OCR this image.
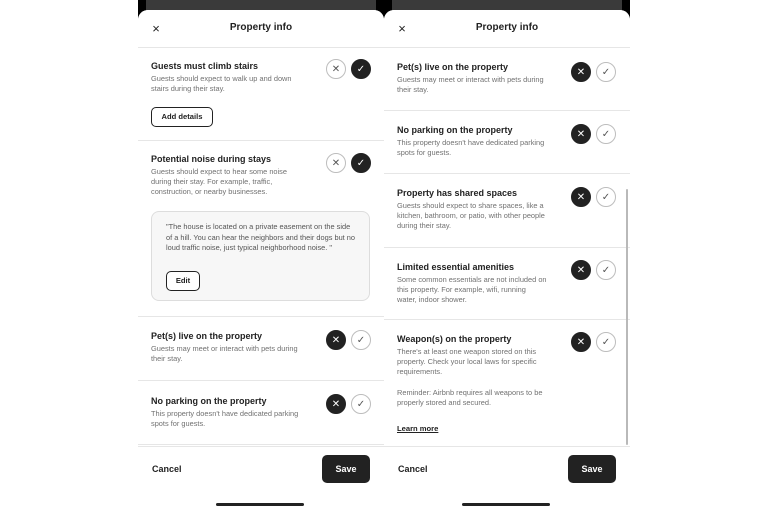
×	Property info
Guests must climb stairs
Guests should expect to walk up and down stairs during their stay.
✕	✓
Add details
Potential noise during stays
Guests should expect to hear some noise during their stay. For example, traffic, construction, or nearby businesses.
✕	✓
"The house is located on a private easement on the side of a hill. You can hear the neighbors and their dogs but no loud traffic noise, just typical neighborhood noise. "
Edit
Pet(s) live on the property
Guests may meet or interact with pets during their stay.
✕	✓
No parking on the property
This property doesn't have dedicated parking spots for guests.
✕	✓
Cancel	Save
×	Property info
Pet(s) live on the property
Guests may meet or interact with pets during their stay.
✕	✓
No parking on the property
This property doesn't have dedicated parking spots for guests.
✕	✓
Property has shared spaces
Guests should expect to share spaces, like a kitchen, bathroom, or patio, with other people during their stay.
✕	✓
Limited essential amenities
Some common essentials are not included on this property. For example, wifi, running water, indoor shower.
✕	✓
Weapon(s) on the property
There's at least one weapon stored on this property. Check your local laws for specific requirements.
✕	✓
Reminder: Airbnb requires all weapons to be properly stored and secured.
Learn more
Cancel	Save
